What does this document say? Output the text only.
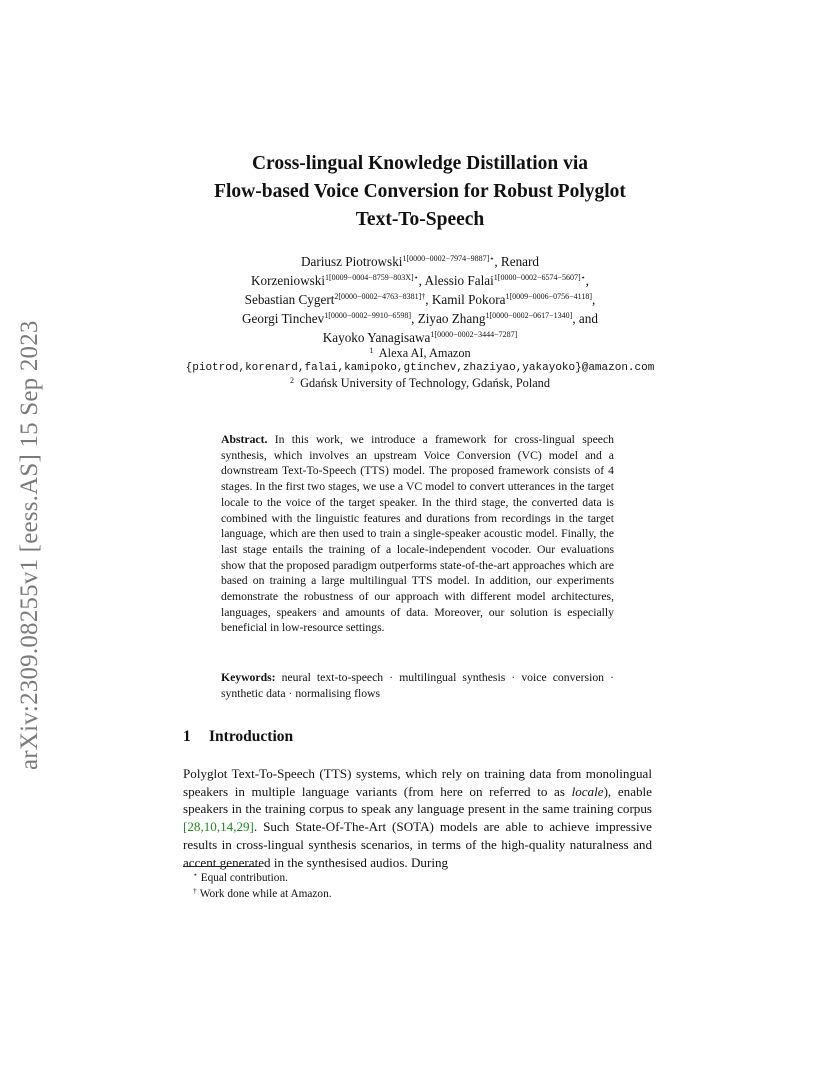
arXiv:2309.08255v1 [eess.AS] 15 Sep 2023
Cross-lingual Knowledge Distillation via
Flow-based Voice Conversion for Robust Polyglot
Text-To-Speech
Dariusz Piotrowski$^{1[0000-0002-7974-9887]⋆}$, Renard
Korzeniowski$^{1[0009-0004-8759-803X]⋆}$, Alessio Falai$^{1[0000-0002-6574-5607]⋆}$,
Sebastian Cygert$^{2[0000-0002-4763-8381]\dagger}$, Kamil Pokora$^{1[0009-0006-0756-4118]}$,
Georgi Tinchev$^{1[0000-0002-9910-6598]}$, Ziyao Zhang$^{1[0000-0002-0617-1340]}$, and
Kayoko Yanagisawa$^{1[0000-0002-3444-7287]}$
$^1$ Alexa AI, Amazon
{piotrod,korenard,falai,kamipoko,gtinchev,zhaziyao,yakayoko}@amazon.com
$^2$ Gdańsk University of Technology, Gdańsk, Poland
Abstract. In this work, we introduce a framework for cross-lingual speech synthesis, which involves an upstream Voice Conversion (VC) model and a downstream Text-To-Speech (TTS) model. The proposed framework consists of 4 stages. In the first two stages, we use a VC model to convert utterances in the target locale to the voice of the target speaker. In the third stage, the converted data is combined with the linguistic features and durations from recordings in the target language, which are then used to train a single-speaker acoustic model. Finally, the last stage entails the training of a locale-independent vocoder. Our evaluations show that the proposed paradigm outperforms state-of-the-art approaches which are based on training a large multilingual TTS model. In addition, our experiments demonstrate the robustness of our approach with different model architectures, languages, speakers and amounts of data. Moreover, our solution is especially beneficial in low-resource settings.
Keywords: neural text-to-speech · multilingual synthesis · voice conversion · synthetic data · normalising flows
1 Introduction
Polyglot Text-To-Speech (TTS) systems, which rely on training data from monolingual speakers in multiple language variants (from here on referred to as locale), enable speakers in the training corpus to speak any language present in the same training corpus [28,10,14,29]. Such State-Of-The-Art (SOTA) models are able to achieve impressive results in cross-lingual synthesis scenarios, in terms of the high-quality naturalness and accent generated in the synthesised audios. During
⋆ Equal contribution.
† Work done while at Amazon.
